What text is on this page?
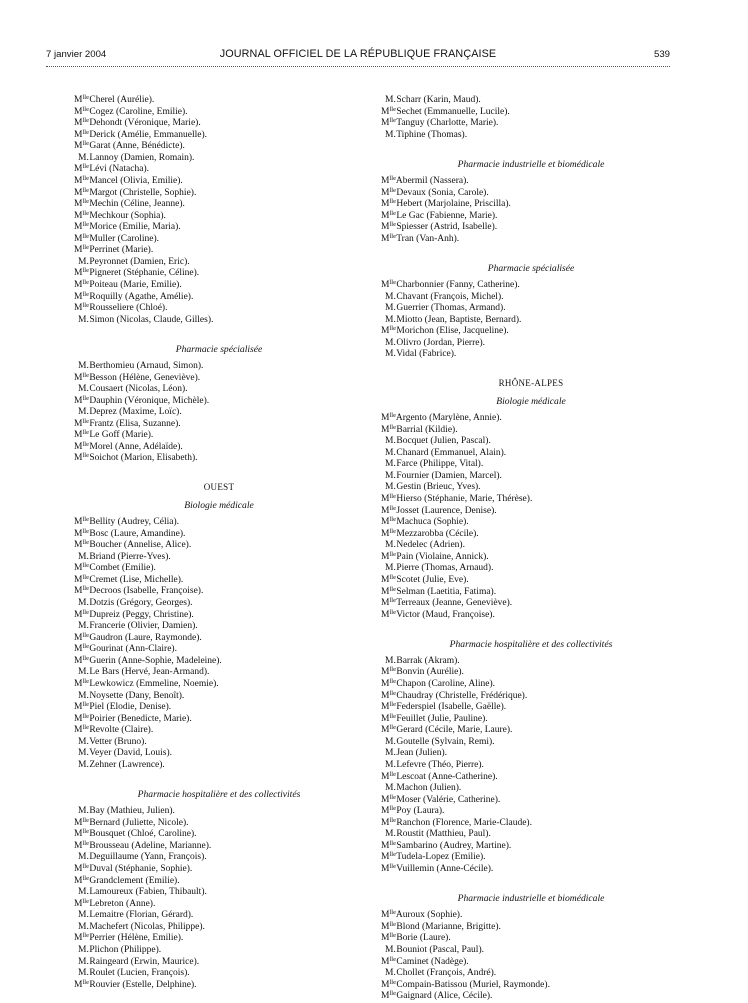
7 janvier 2004	JOURNAL OFFICIEL DE LA RÉPUBLIQUE FRANÇAISE	539
$M^{lle}$ Cherel (Aurélie).
$M^{lle}$ Cogez (Caroline, Emilie).
$M^{lle}$ Dehondt (Véronique, Marie).
$M^{lle}$ Derick (Amélie, Emmanuelle).
$M^{lle}$ Garat (Anne, Bénédicte).
M. Lannoy (Damien, Romain).
$M^{lle}$ Lévi (Natacha).
$M^{lle}$ Mancel (Olivia, Emilie).
$M^{lle}$ Margot (Christelle, Sophie).
$M^{lle}$ Mechin (Céline, Jeanne).
$M^{lle}$ Mechkour (Sophia).
$M^{lle}$ Morice (Emilie, Maria).
$M^{lle}$ Muller (Caroline).
$M^{lle}$ Perrinet (Marie).
M. Peyronnet (Damien, Eric).
$M^{lle}$ Pigneret (Stéphanie, Céline).
$M^{lle}$ Poiteau (Marie, Emilie).
$M^{lle}$ Roquilly (Agathe, Amélie).
$M^{lle}$ Rousseliere (Chloé).
M. Simon (Nicolas, Claude, Gilles).
Pharmacie spécialisée
M. Berthomieu (Arnaud, Simon).
$M^{lle}$ Besson (Hélène, Geneviève).
M. Cousaert (Nicolas, Léon).
$M^{lle}$ Dauphin (Véronique, Michèle).
M. Deprez (Maxime, Loïc).
$M^{lle}$ Frantz (Elisa, Suzanne).
$M^{lle}$ Le Goff (Marie).
$M^{lle}$ Morel (Anne, Adélaïde).
$M^{lle}$ Soichot (Marion, Elisabeth).
OUEST
Biologie médicale
$M^{lle}$ Bellity (Audrey, Célia).
$M^{lle}$ Bosc (Laure, Amandine).
$M^{lle}$ Boucher (Annelise, Alice).
M. Briand (Pierre-Yves).
$M^{lle}$ Combet (Emilie).
$M^{lle}$ Cremet (Lise, Michelle).
$M^{lle}$ Decroos (Isabelle, Françoise).
M. Dotzis (Grégory, Georges).
$M^{lle}$ Dupreiz (Peggy, Christine).
M. Francerie (Olivier, Damien).
$M^{lle}$ Gaudron (Laure, Raymonde).
$M^{lle}$ Gourinat (Ann-Claire).
$M^{lle}$ Guerin (Anne-Sophie, Madeleine).
M. Le Bars (Hervé, Jean-Armand).
$M^{lle}$ Lewkowicz (Emmeline, Noemie).
M. Noysette (Dany, Benoît).
$M^{lle}$ Piel (Elodie, Denise).
$M^{lle}$ Poirier (Benedicte, Marie).
$M^{lle}$ Revolte (Claire).
M. Vetter (Bruno).
M. Veyer (David, Louis).
M. Zehner (Lawrence).
Pharmacie hospitalière et des collectivités
M. Bay (Mathieu, Julien).
$M^{lle}$ Bernard (Juliette, Nicole).
$M^{lle}$ Bousquet (Chloé, Caroline).
$M^{lle}$ Brousseau (Adeline, Marianne).
M. Deguillaume (Yann, François).
$M^{lle}$ Duval (Stéphanie, Sophie).
$M^{lle}$ Grandclement (Emilie).
M. Lamoureux (Fabien, Thibault).
$M^{lle}$ Lebreton (Anne).
M. Lemaitre (Florian, Gérard).
M. Machefert (Nicolas, Philippe).
$M^{lle}$ Perrier (Hélène, Emilie).
M. Plichon (Philippe).
M. Raingeard (Erwin, Maurice).
M. Roulet (Lucien, François).
$M^{lle}$ Rouvier (Estelle, Delphine).
M. Scharr (Karin, Maud).
$M^{lle}$ Sechet (Emmanuelle, Lucile).
$M^{lle}$ Tanguy (Charlotte, Marie).
M. Tiphine (Thomas).
Pharmacie industrielle et biomédicale
$M^{lle}$ Abermil (Nassera).
$M^{lle}$ Devaux (Sonia, Carole).
$M^{lle}$ Hebert (Marjolaine, Priscilla).
$M^{lle}$ Le Gac (Fabienne, Marie).
$M^{lle}$ Spiesser (Astrid, Isabelle).
$M^{lle}$ Tran (Van-Anh).
Pharmacie spécialisée
$M^{lle}$ Charbonnier (Fanny, Catherine).
M. Chavant (François, Michel).
M. Guerrier (Thomas, Armand).
M. Miotto (Jean, Baptiste, Bernard).
$M^{lle}$ Morichon (Elise, Jacqueline).
M. Olivro (Jordan, Pierre).
M. Vidal (Fabrice).
RHÔNE-ALPES
Biologie médicale
$M^{lle}$ Argento (Marylène, Annie).
$M^{lle}$ Barrial (Kildie).
M. Bocquet (Julien, Pascal).
M. Chanard (Emmanuel, Alain).
M. Farce (Philippe, Vital).
M. Fournier (Damien, Marcel).
M. Gestin (Brieuc, Yves).
$M^{lle}$ Hierso (Stéphanie, Marie, Thérèse).
$M^{lle}$ Josset (Laurence, Denise).
$M^{lle}$ Machuca (Sophie).
$M^{lle}$ Mezzarobba (Cécile).
M. Nedelec (Adrien).
$M^{lle}$ Pain (Violaine, Annick).
M. Pierre (Thomas, Arnaud).
$M^{lle}$ Scotet (Julie, Eve).
$M^{lle}$ Selman (Laetitia, Fatima).
$M^{lle}$ Terreaux (Jeanne, Geneviève).
$M^{lle}$ Victor (Maud, Françoise).
Pharmacie hospitalière et des collectivités
M. Barrak (Akram).
$M^{lle}$ Bonvin (Aurélie).
$M^{lle}$ Chapon (Caroline, Aline).
$M^{lle}$ Chaudray (Christelle, Frédérique).
$M^{lle}$ Federspiel (Isabelle, Gaëlle).
$M^{lle}$ Feuillet (Julie, Pauline).
$M^{lle}$ Gerard (Cécile, Marie, Laure).
M. Goutelle (Sylvain, Remi).
M. Jean (Julien).
M. Lefevre (Théo, Pierre).
$M^{lle}$ Lescoat (Anne-Catherine).
M. Machon (Julien).
$M^{lle}$ Moser (Valérie, Catherine).
$M^{lle}$ Poy (Laura).
$M^{lle}$ Ranchon (Florence, Marie-Claude).
M. Roustit (Matthieu, Paul).
$M^{lle}$ Sambarino (Audrey, Martine).
$M^{lle}$ Tudela-Lopez (Emilie).
$M^{lle}$ Vuillemin (Anne-Cécile).
Pharmacie industrielle et biomédicale
$M^{lle}$ Auroux (Sophie).
$M^{lle}$ Blond (Marianne, Brigitte).
$M^{lle}$ Borie (Laure).
M. Bouniot (Pascal, Paul).
$M^{lle}$ Caminet (Nadège).
M. Chollet (François, André).
$M^{lle}$ Compain-Batissou (Muriel, Raymonde).
$M^{lle}$ Gaignard (Alice, Cécile).
